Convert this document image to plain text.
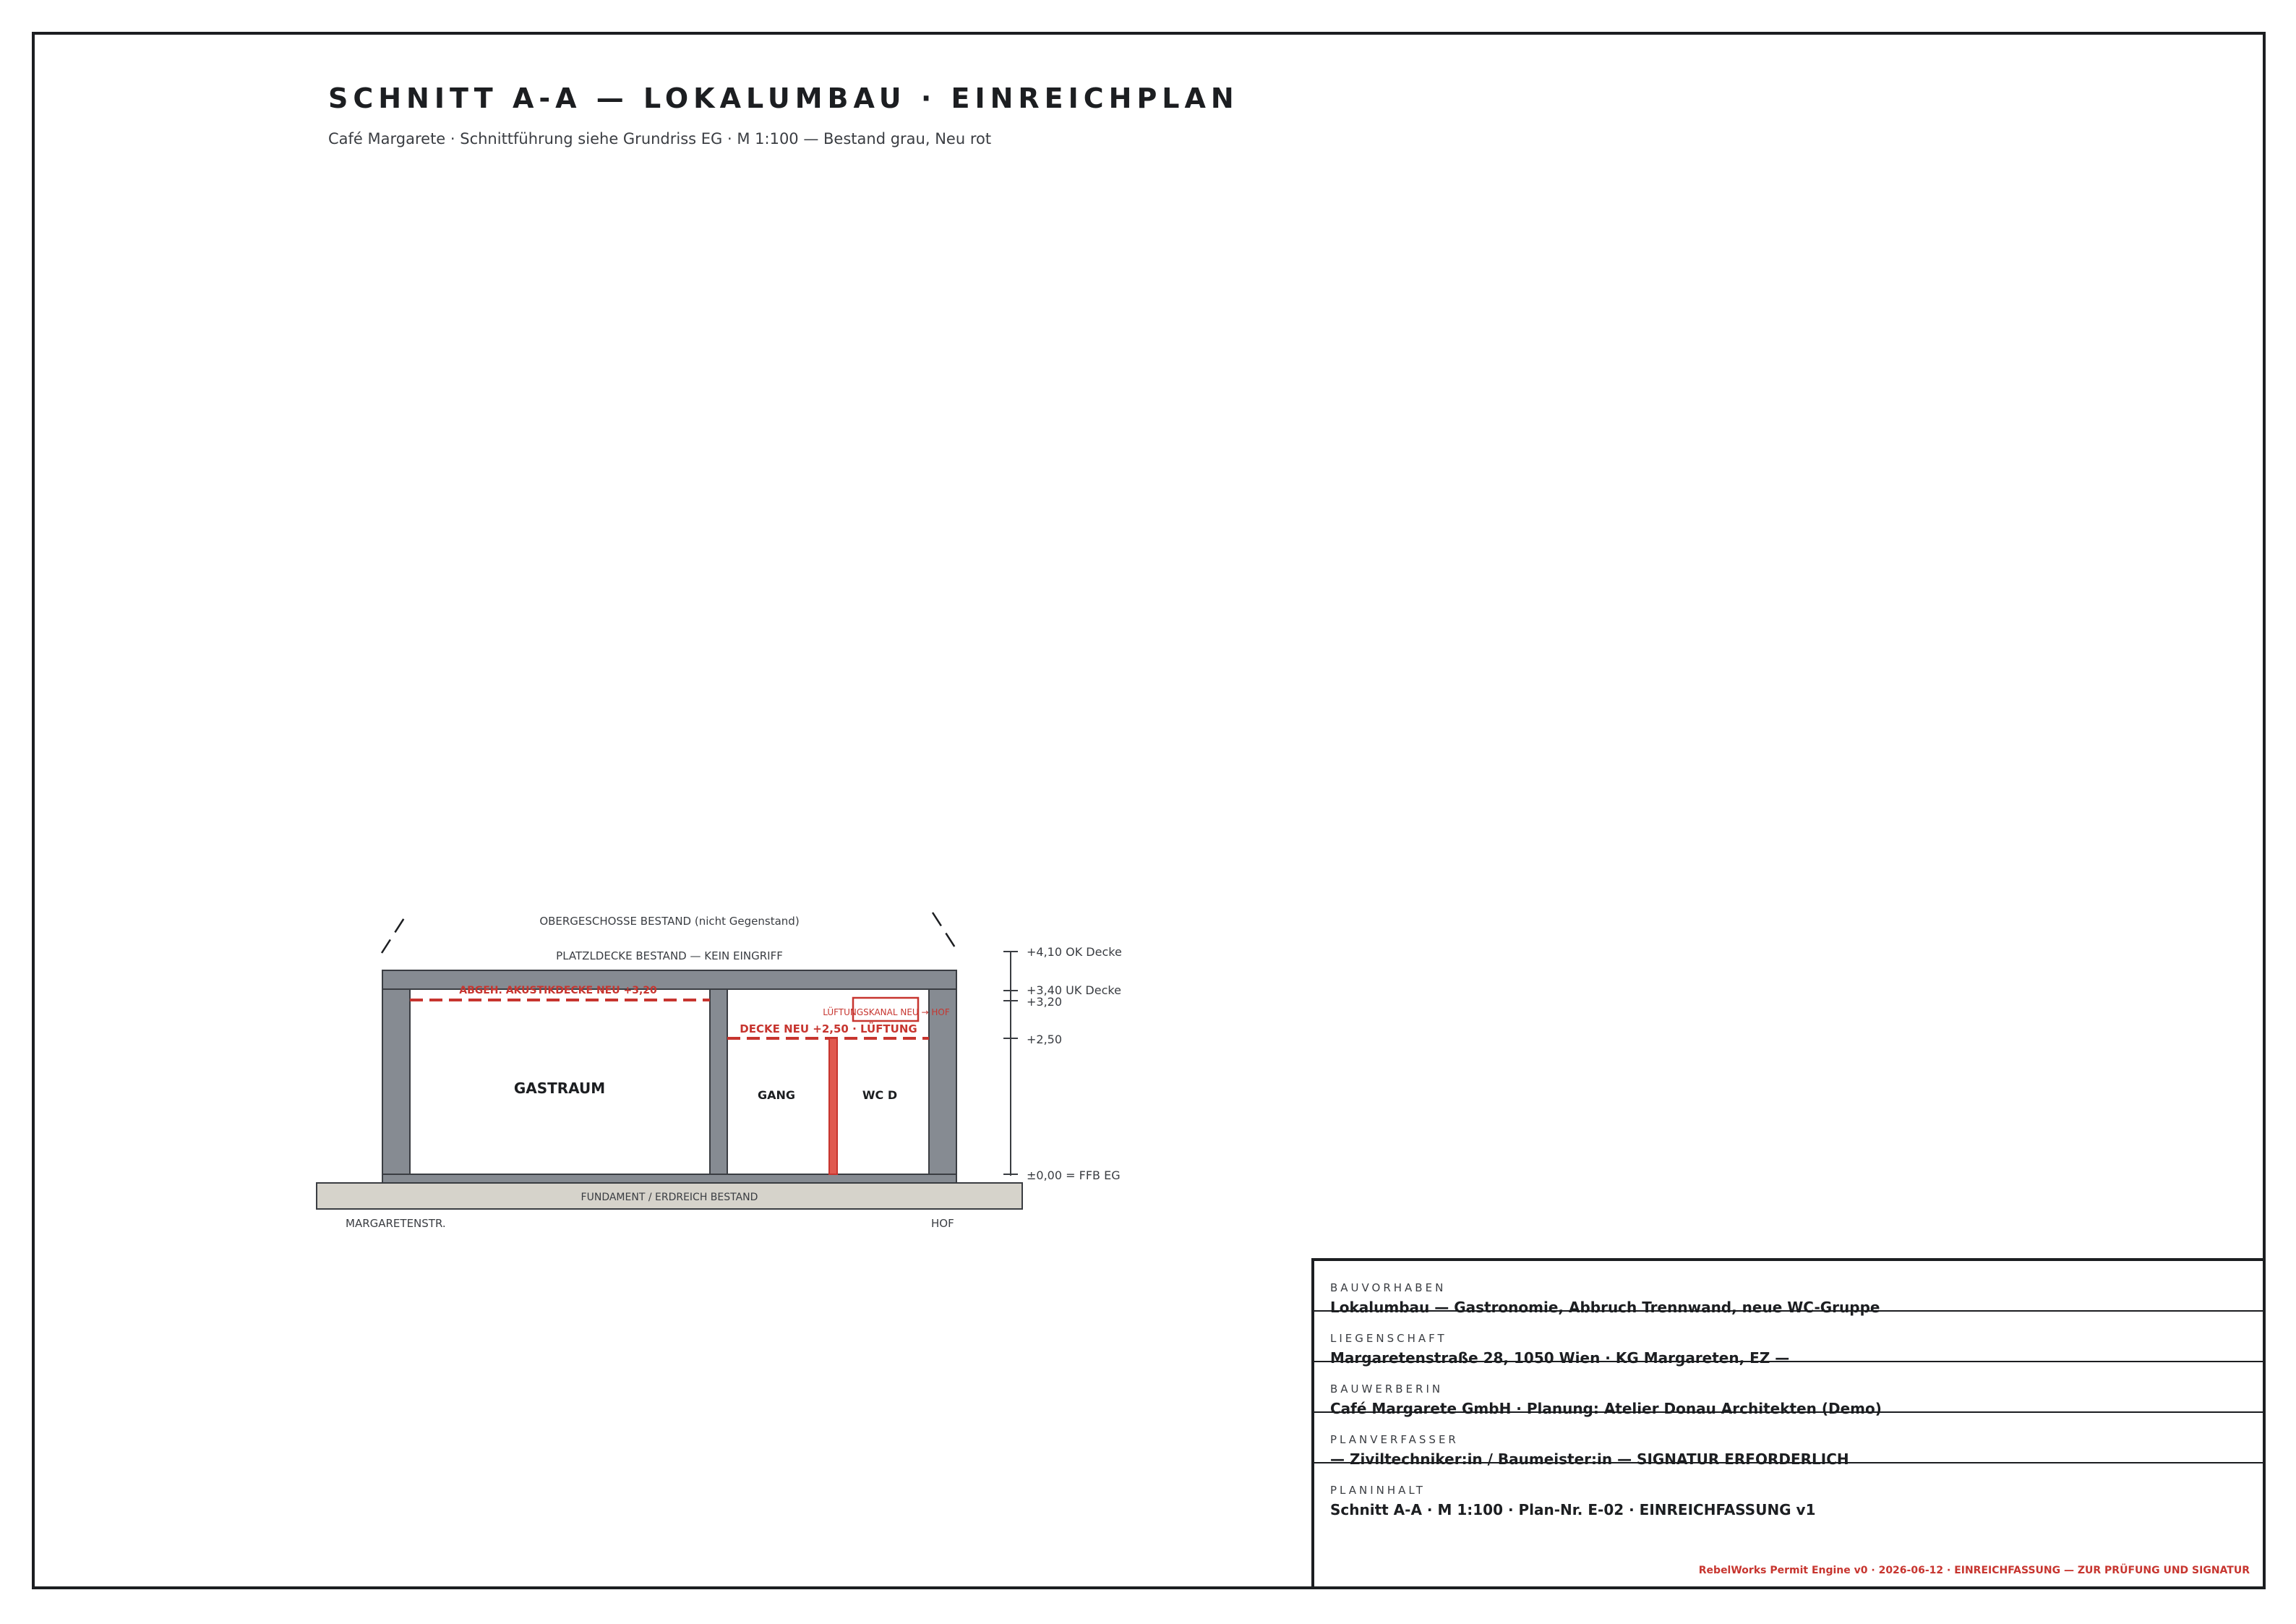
SCHNITT A-A — LOKALUMBAU · EINREICHPLAN
Café Margarete · Schnittführung siehe Grundriss EG · M 1:100 — Bestand grau, Neu rot
OBERGESCHOSSE BESTAND (nicht Gegenstand)
PLATZLDECKE BESTAND — KEIN EINGRIFF
FUNDAMENT / ERDREICH BESTAND
ABGEH. AKUSTIKDECKE NEU +3,20
LÜFTUNGSKANAL NEU → HOF
DECKE NEU +2,50 · LÜFTUNG
GASTRAUM	GANG	WC D
MARGARETENSTR.	HOF
+4,10 OK Decke
+3,40 UK Decke
+3,20
+2,50
±0,00 = FFB EG
BAUVORHABEN
Lokalumbau — Gastronomie, Abbruch Trennwand, neue WC-Gruppe
LIEGENSCHAFT
Margaretenstraße 28, 1050 Wien · KG Margareten, EZ —
BAUWERBERIN
Café Margarete GmbH · Planung: Atelier Donau Architekten (Demo)
PLANVERFASSER
— Ziviltechniker:in / Baumeister:in — SIGNATUR ERFORDERLICH
PLANINHALT
Schnitt A-A · M 1:100 · Plan-Nr. E-02 · EINREICHFASSUNG v1
RebelWorks Permit Engine v0 · 2026-06-12 · EINREICHFASSUNG — ZUR PRÜFUNG UND SIGNATUR
